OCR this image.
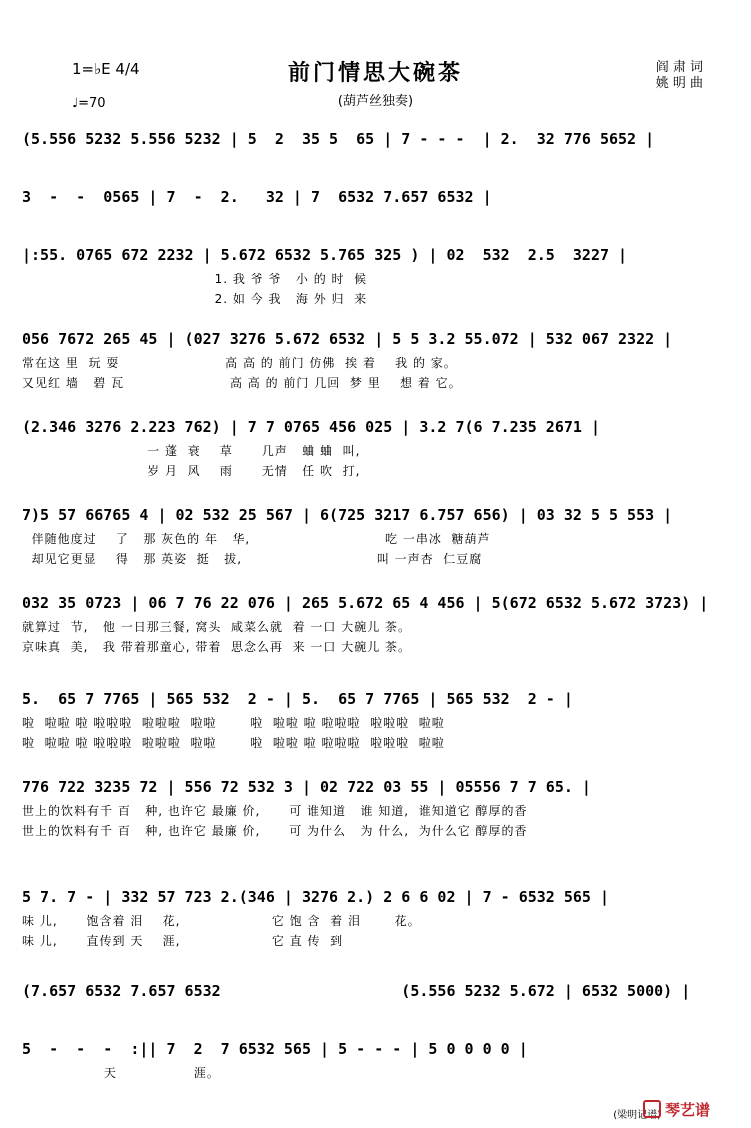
前门情思大碗茶
(葫芦丝独奏)
1=♭E 4/4
♩=70
阎 肃 词
姚 明 曲
(5.556 5232 5.556 5232 | 5  2  35 5  65 | 7 - - -  | 2.  32 776 5652 |
3  -  -  0565 | 7  -  2.   32 | 7  6532 7.657 6532 |
|:55. 0765 672 2232 | 5.672 6532 5.765 325 ) | 02  532  2.5  3227 |
1. 我 爷 爷   小 的 时  候
2. 如 今 我   海 外 归  来
056 7672 265 45 | (027 3276 5.672 6532 | 5 5 3.2 55.072 | 532 067 2322 |
常在这 里  玩 耍                      高 高 的 前门 仿佛  挨 着    我 的 家。
又见红 墙   碧 瓦                      高 高 的 前门 几回  梦 里    想 着 它。
(2.346 3276 2.223 762) | 7 7 0765 456 025 | 3.2 7(6 7.235 2671 |
一 蓬  衰    草      几声   蛐 蛐  叫,
岁 月  风    雨      无情   任 吹  打,
7)5 57 66765 4 | 02 532 25 567 | 6(725 3217 6.757 656) | 03 32 5 5 553 |
伴随他度过    了   那 灰色的 年   华,                            吃 一串冰  糖葫芦
却见它更显    得   那 英姿  挺   拔,                            叫 一声杏  仁豆腐
032 35 0723 | 06 7 76 22 076 | 265 5.672 65 4 456 | 5(672 6532 5.672 3723) |
就算过  节,   他 一日那三餐, 窝头  咸菜么就  着 一口 大碗儿 茶。
京味真  美,   我 带着那童心, 带着  思念么再  来 一口 大碗儿 茶。
5.  65 7 7765 | 565 532  2 - | 5.  65 7 7765 | 565 532  2 - |
啦  啦啦 啦 啦啦啦  啦啦啦  啦啦       啦  啦啦 啦 啦啦啦  啦啦啦  啦啦
啦  啦啦 啦 啦啦啦  啦啦啦  啦啦       啦  啦啦 啦 啦啦啦  啦啦啦  啦啦
776 722 3235 72 | 556 72 532 3 | 02 722 03 55 | 05556 7 7 65. |
世上的饮料有千 百   种, 也许它 最廉 价,      可 谁知道   谁 知道,  谁知道它 醇厚的香
世上的饮料有千 百   种, 也许它 最廉 价,      可 为什么   为 什么,  为什么它 醇厚的香
5 7. 7 - | 332 57 723 2.(346 | 3276 2.) 2 6 6 02 | 7 - 6532 565 |
味 儿,      饱含着 泪    花,                   它 饱 含  着 泪       花。
味 儿,      直传到 天    涯,                   它 直 传  到
(7.657 6532 7.657 6532                    (5.556 5232 5.672 | 6532 5000) |
5  -  -  -  :|| 7  2  7 6532 565 | 5 - - - | 5 0 0 0 0 |
天                涯。
(梁明记谱) 琴艺谱
